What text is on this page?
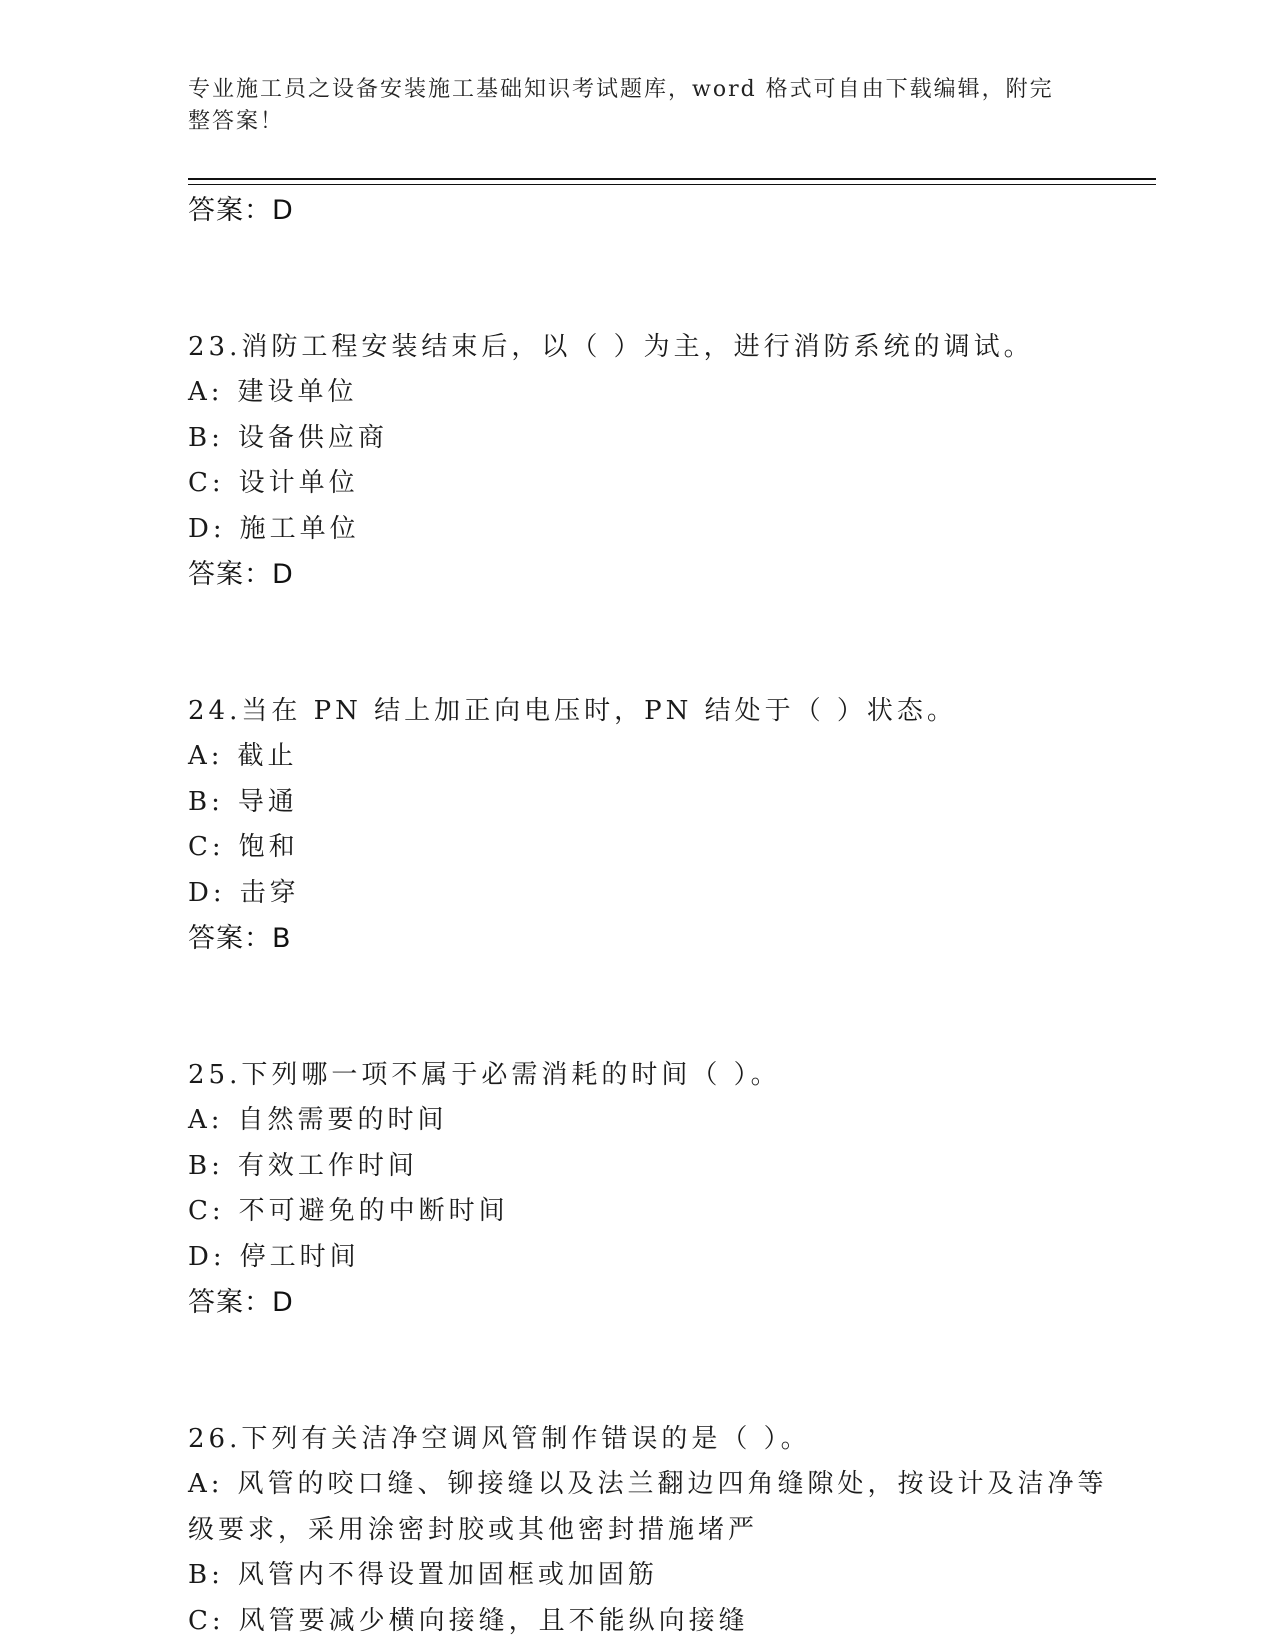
专业施工员之设备安装施工基础知识考试题库，word 格式可自由下载编辑，附完
整答案！
答案：D
23.消防工程安装结束后，以（ ）为主，进行消防系统的调试。
A: 建设单位
B: 设备供应商
C: 设计单位
D: 施工单位
答案：D
24.当在 PN 结上加正向电压时，PN 结处于（ ）状态。
A: 截止
B: 导通
C: 饱和
D: 击穿
答案：B
25.下列哪一项不属于必需消耗的时间（ ）。
A: 自然需要的时间
B: 有效工作时间
C: 不可避免的中断时间
D: 停工时间
答案：D
26.下列有关洁净空调风管制作错误的是（ ）。
A: 风管的咬口缝、铆接缝以及法兰翻边四角缝隙处，按设计及洁净等
级要求，采用涂密封胶或其他密封措施堵严
B: 风管内不得设置加固框或加固筋
C: 风管要减少横向接缝，且不能纵向接缝
